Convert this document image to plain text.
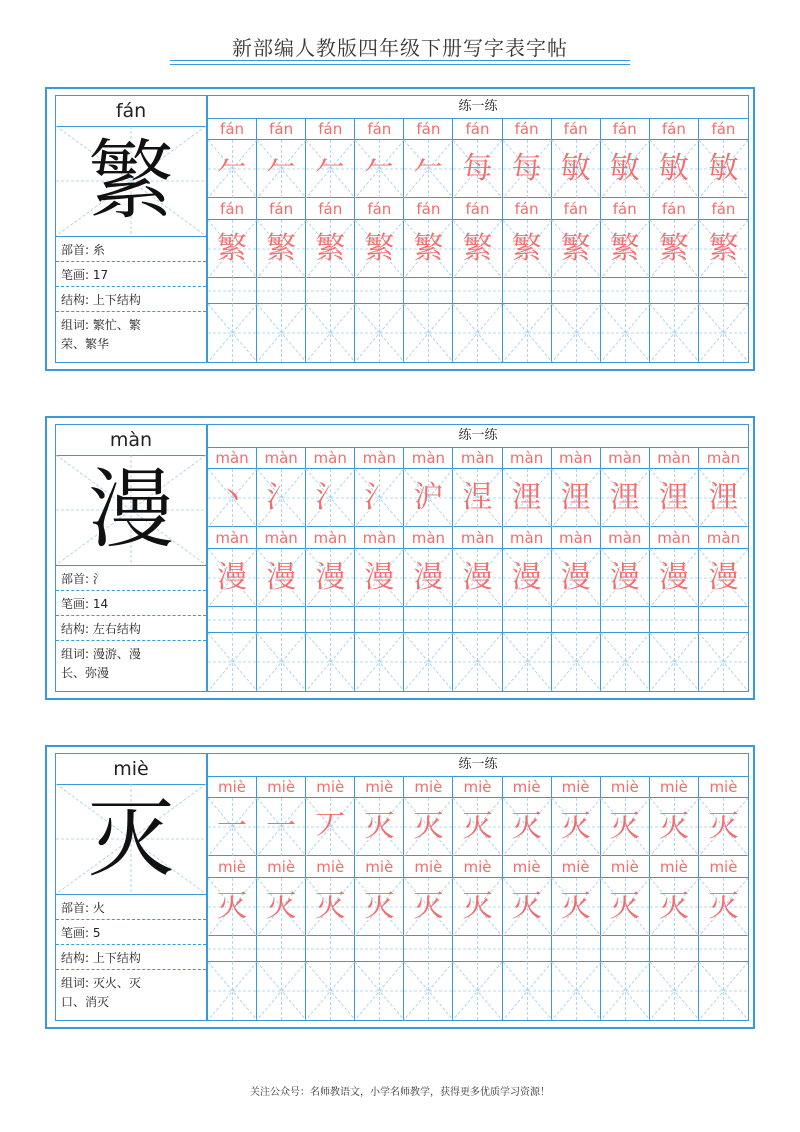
新部编人教版四年级下册写字表字帖
fán
繁
部首: 糸
笔画: 17
结构: 上下结构
组词: 繁忙、繁
荣、繁华
练一练
fán	fán	fán	fán	fán	fán	fán	fán	fán	fán	fán
𠂉 𠂉 𠂉 𠂉 𠂉 每 每 敏 敏 敏 敏
fán	fán	fán	fán	fán	fán	fán	fán	fán	fán	fán
繁 繁 繁 繁 繁 繁 繁 繁 繁 繁 繁
màn
漫
部首: 氵
笔画: 14
结构: 左右结构
组词: 漫游、漫
长、弥漫
练一练
màn	màn	màn	màn	màn	màn	màn	màn	màn	màn	màn
丶 氵 氵 氵 沪 涅 浬 浬 浬 浬 浬
màn	màn	màn	màn	màn	màn	màn	màn	màn	màn	màn
漫 漫 漫 漫 漫 漫 漫 漫 漫 漫 漫
miè
灭
部首: 火
笔画: 5
结构: 上下结构
组词: 灭火、灭
口、消灭
练一练
miè	miè	miè	miè	miè	miè	miè	miè	miè	miè	miè
一 一 丆 灭 灭 灭 灭 灭 灭 灭 灭
miè	miè	miè	miè	miè	miè	miè	miè	miè	miè	miè
灭 灭 灭 灭 灭 灭 灭 灭 灭 灭 灭
关注公众号：名师教语文，小学名师教学，获得更多优质学习资源！
